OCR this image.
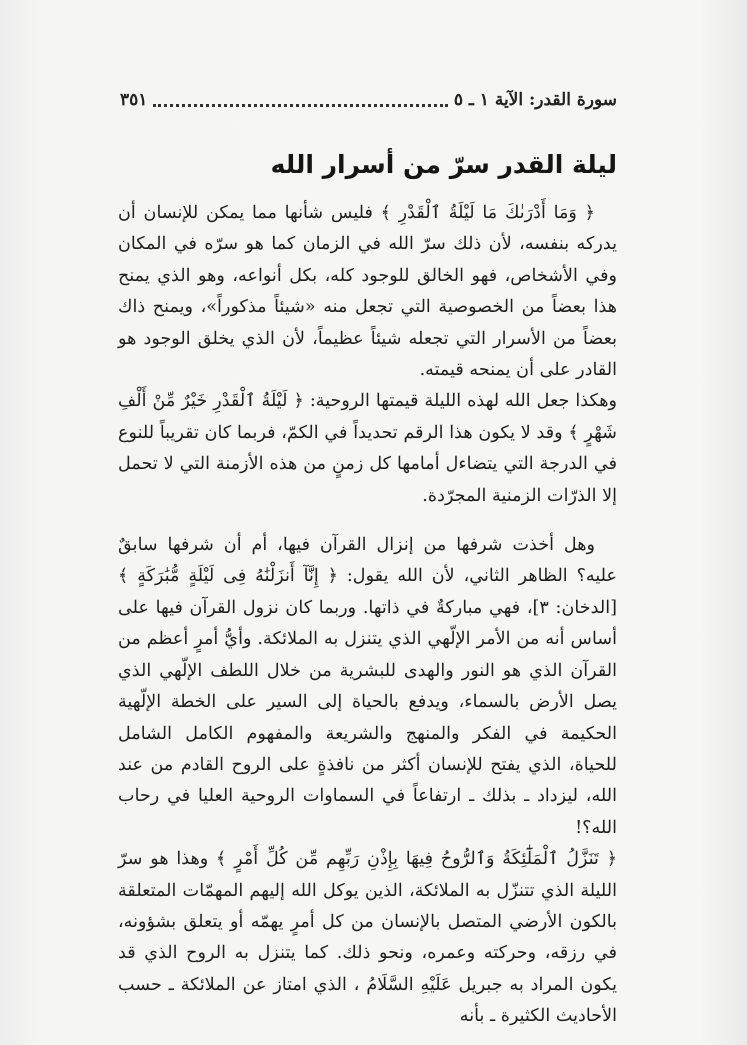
سورة القدر: الآية ١ ـ ٥
٣٥١
ليلة القدر سرّ من أسرار الله

﴿ وَمَا أَدْرَىٰكَ مَا لَيْلَةُ ٱلْقَدْرِ ﴾ فليس شأنها مما يمكن للإنسان أن يدركه بنفسه، لأن ذلك سرّ الله في الزمان كما هو سرّه في المكان وفي الأشخاص، فهو الخالق للوجود كله، بكل أنواعه، وهو الذي يمنح هذا بعضاً من الخصوصية التي تجعل منه «شيئاً مذكوراً»، ويمنح ذاك بعضاً من الأسرار التي تجعله شيئاً عظيماً، لأن الذي يخلق الوجود هو القادر على أن يمنحه قيمته.

وهكذا جعل الله لهذه الليلة قيمتها الروحية: ﴿ لَيْلَةُ ٱلْقَدْرِ خَيْرٌ مِّنْ أَلْفِ شَهْرٍ ﴾ وقد لا يكون هذا الرقم تحديداً في الكمّ، فربما كان تقريباً للنوع في الدرجة التي يتضاءل أمامها كل زمنٍ من هذه الأزمنة التي لا تحمل إلا الذرّات الزمنية المجرّدة.

وهل أخذت شرفها من إنزال القرآن فيها، أم أن شرفها سابقٌ عليه؟ الظاهر الثاني، لأن الله يقول: ﴿ إِنَّآ أَنزَلْنَٰهُ فِى لَيْلَةٍ مُّبَٰرَكَةٍ ﴾ [الدخان: ٣]، فهي مباركةٌ في ذاتها. وربما كان نزول القرآن فيها على أساس أنه من الأمر الإلّهي الذي يتنزل به الملائكة. وأيُّ أمرٍ أعظم من القرآن الذي هو النور والهدى للبشرية من خلال اللطف الإلّهي الذي يصل الأرض بالسماء، ويدفع بالحياة إلى السير على الخطة الإلّهية الحكيمة في الفكر والمنهج والشريعة والمفهوم الكامل الشامل للحياة، الذي يفتح للإنسان أكثر من نافذةٍ على الروح القادم من عند الله، ليزداد ـ بذلك ـ ارتفاعاً في السماوات الروحية العليا في رحاب الله؟!

﴿ تَنَزَّلُ ٱلْمَلَٰٓئِكَةُ وَٱلرُّوحُ فِيهَا بِإِذْنِ رَبِّهِم مِّن كُلِّ أَمْرٍ ﴾ وهذا هو سرّ الليلة الذي تتنزّل به الملائكة، الذين يوكل الله إليهم المهمّات المتعلقة بالكون الأرضي المتصل بالإنسان من كل أمرٍ يهمّه أو يتعلق بشؤونه، في رزقه، وحركته وعمره، ونحو ذلك. كما يتنزل به الروح الذي قد يكون المراد به جبريل عَلَيْهِ السَّلَامُ ، الذي امتاز عن الملائكة ـ حسب الأحاديث الكثيرة ـ بأنه
